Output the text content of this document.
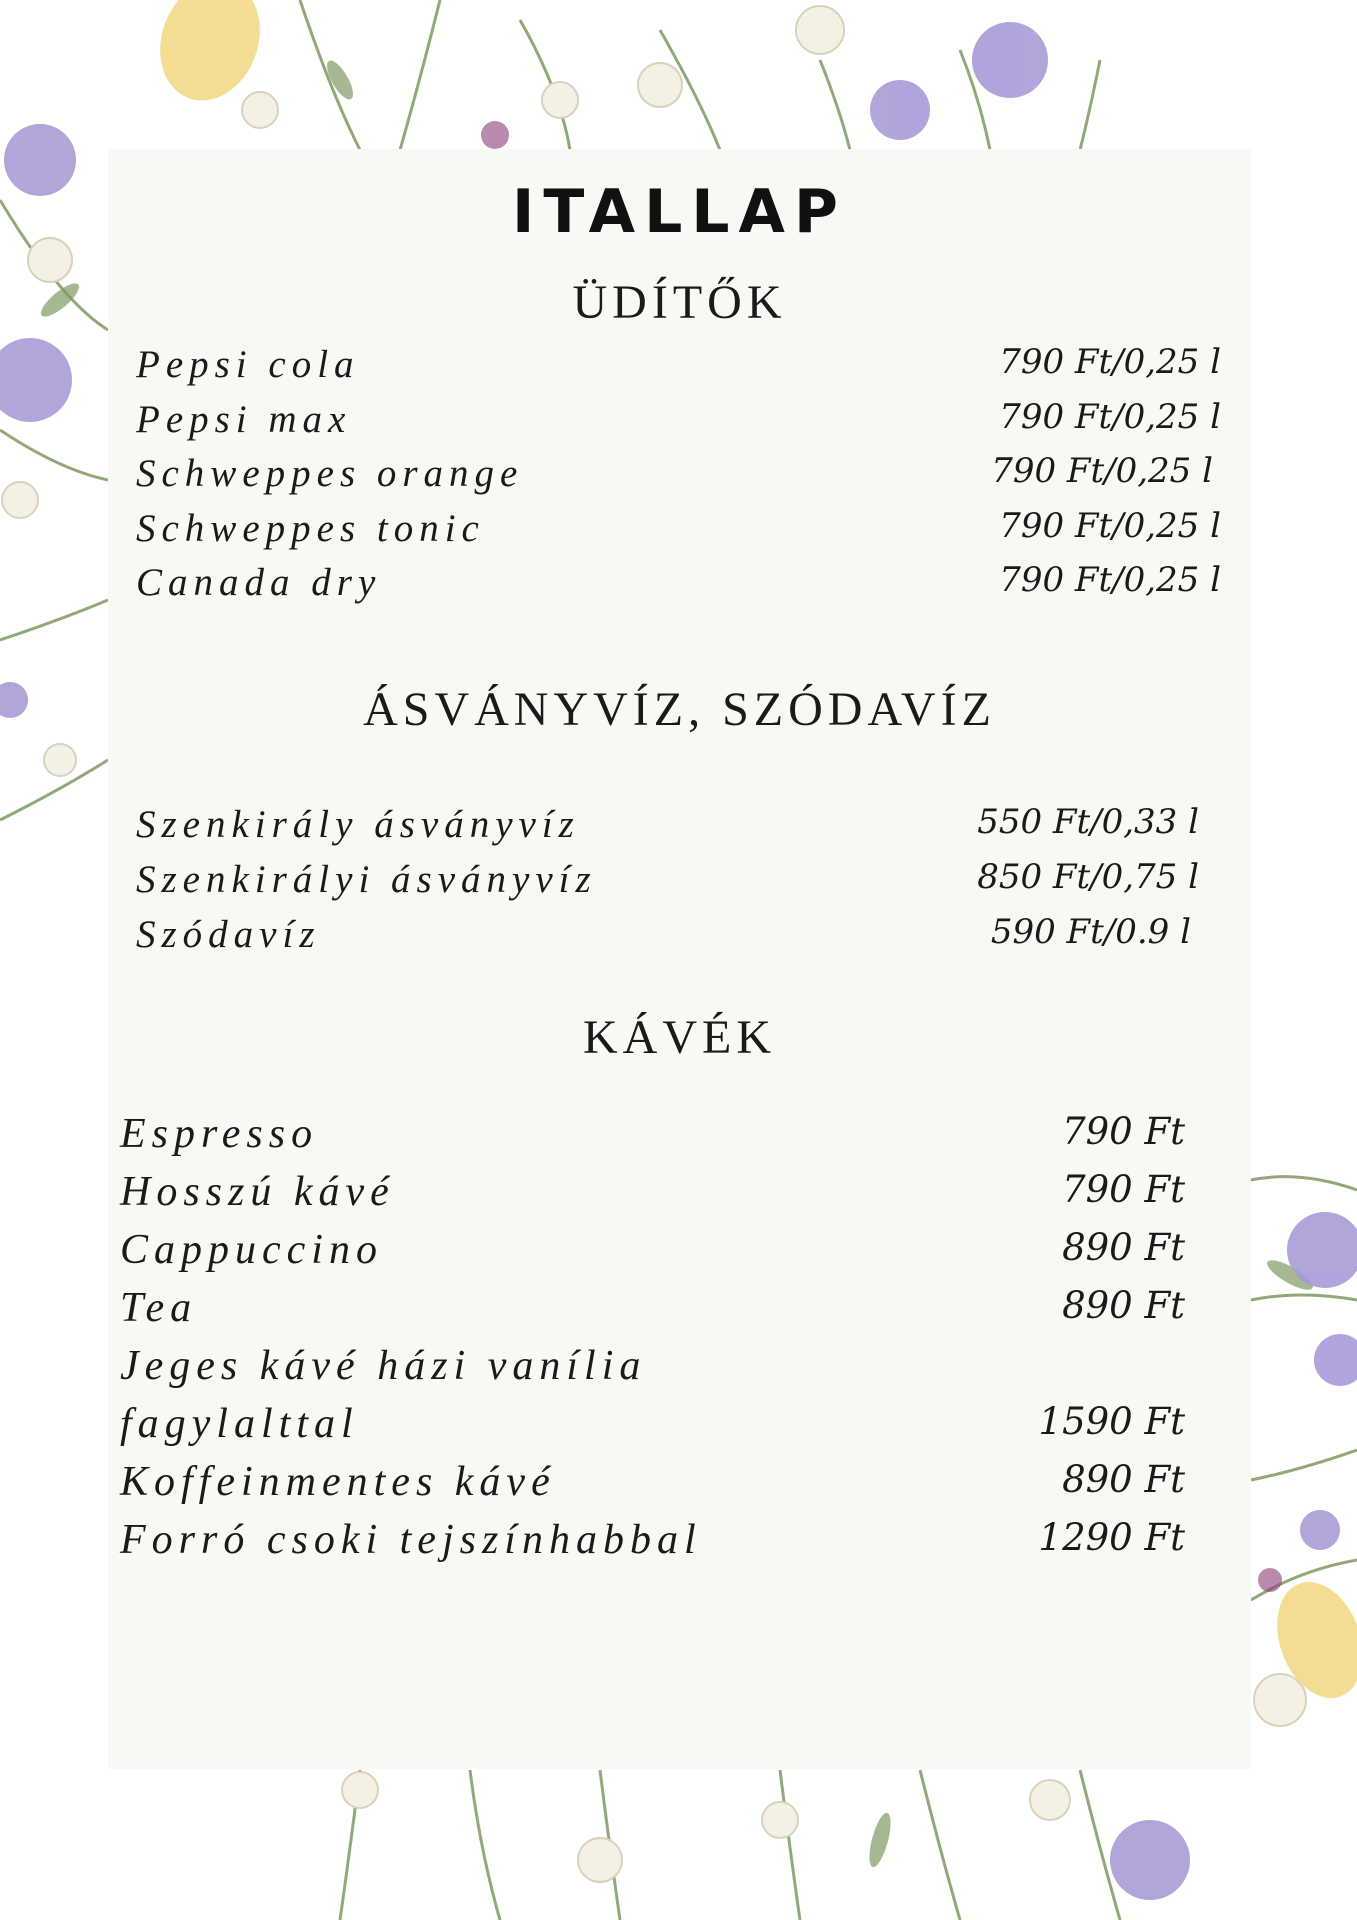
ITALLAP
ÜDÍTŐK
Pepsi cola	790 Ft/0,25 l
Pepsi max	790 Ft/0,25 l
Schweppes orange	790 Ft/0,25 l
Schweppes tonic	790 Ft/0,25 l
Canada dry	790 Ft/0,25 l
ÁSVÁNYVÍZ, SZÓDAVÍZ
Szenkirály ásványvíz	550 Ft/0,33 l
Szenkirályi ásványvíz	850 Ft/0,75 l
Szódavíz	590 Ft/0.9 l
KÁVÉK
Espresso	790 Ft
Hosszú kávé	790 Ft
Cappuccino	890 Ft
Tea	890 Ft
Jeges kávé házi vanília
fagylalttal	1590 Ft
Koffeinmentes kávé	890 Ft
Forró csoki tejszínhabbal	1290 Ft
